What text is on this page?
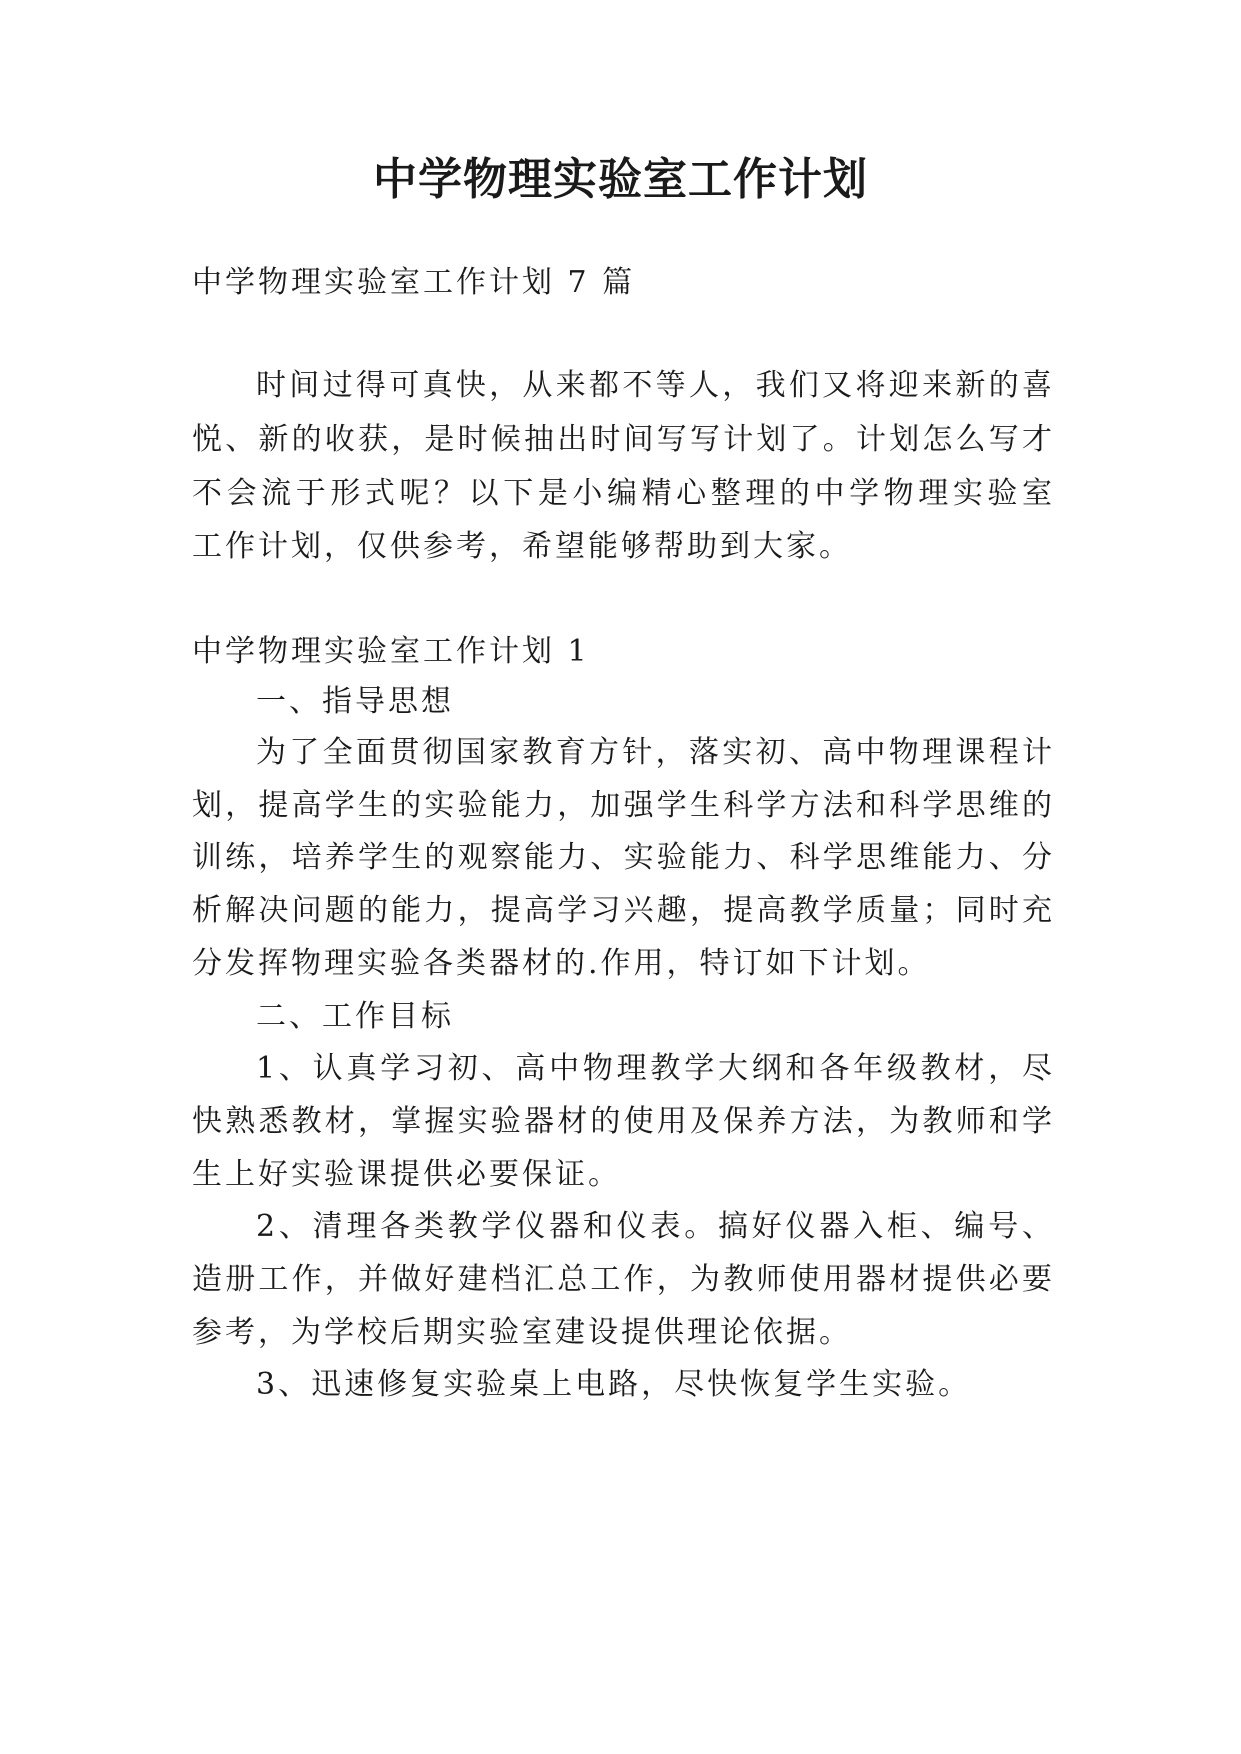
中学物理实验室工作计划
中学物理实验室工作计划 7 篇
时间过得可真快，从来都不等人，我们又将迎来新的喜
悦、新的收获，是时候抽出时间写写计划了。计划怎么写才
不会流于形式呢？以下是小编精心整理的中学物理实验室
工作计划，仅供参考，希望能够帮助到大家。
中学物理实验室工作计划 1
一、指导思想
为了全面贯彻国家教育方针，落实初、高中物理课程计
划，提高学生的实验能力，加强学生科学方法和科学思维的
训练，培养学生的观察能力、实验能力、科学思维能力、分
析解决问题的能力，提高学习兴趣，提高教学质量；同时充
分发挥物理实验各类器材的.作用，特订如下计划。
二、工作目标
1、认真学习初、高中物理教学大纲和各年级教材，尽
快熟悉教材，掌握实验器材的使用及保养方法，为教师和学
生上好实验课提供必要保证。
2、清理各类教学仪器和仪表。搞好仪器入柜、编号、
造册工作，并做好建档汇总工作，为教师使用器材提供必要
参考，为学校后期实验室建设提供理论依据。
3、迅速修复实验桌上电路，尽快恢复学生实验。
